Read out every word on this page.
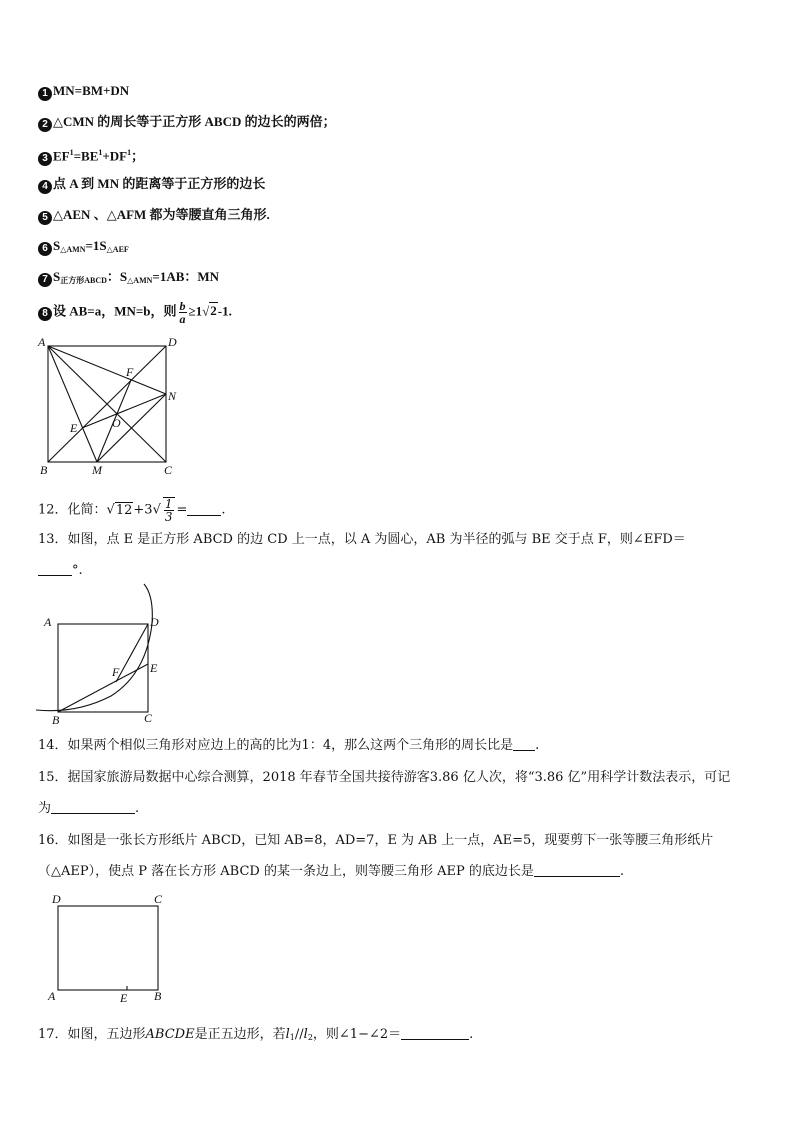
1 MN=BM+DN
2 △CMN 的周长等于正方形 ABCD 的边长的两倍；
3 $EF^1=BE^1+DF^1$；
4 点 A 到 MN 的距离等于正方形的边长
5 △AEN 、△AFM 都为等腰直角三角形.
6 $S_{\triangle AMN}=1S_{\triangle AEF}$
7 $S_{正方形ABCD}$：$S_{\triangle AMN}=1AB$：MN
8 设 AB=a，MN=b，则 $\frac{b}{a} \ge 1√2-1$.
A	D
F
N
E	O
B	M	C
12．化简：$√12+3√ \frac{1}{3}$ =	.
13．如图，点 E 是正方形 ABCD 的边 CD 上一点，以 A 为圆心，AB 为半径的弧与 BE 交于点 F，则∠EFD＝
°.
A	D
F	E
B	C
14．如果两个相似三角形对应边上的高的比为1：4，那么这两个三角形的周长比是 .
15．据国家旅游局数据中心综合测算，2018 年春节全国共接待游客3.86 亿人次，将“3.86 亿”用科学计数法表示，可记
为	.
16．如图是一张长方形纸片 ABCD，已知 AB=8，AD=7，E 为 AB 上一点，AE=5，现要剪下一张等腰三角形纸片
（△AEP），使点 P 落在长方形 ABCD 的某一条边上，则等腰三角形 AEP 的底边长是	.
D	C
A	E B
17．如图，五边形ABCDE是正五边形，若$l_1//l_2$，则∠1−∠2＝	.
